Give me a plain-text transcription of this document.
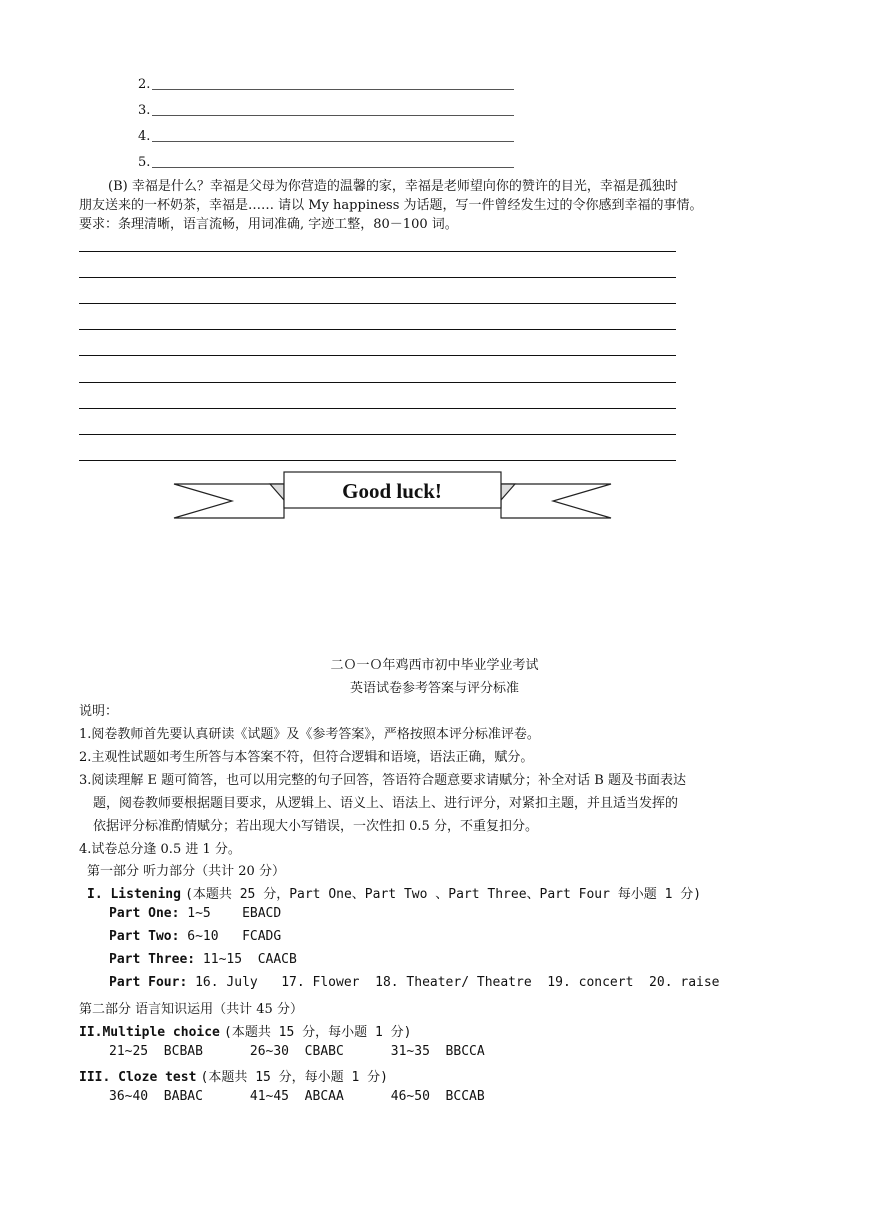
2.
3.
4.
5.
(B) 幸福是什么？幸福是父母为你营造的温馨的家，幸福是老师望向你的赞许的目光，幸福是孤独时
朋友送来的一杯奶茶，幸福是…… 请以 My happiness 为话题，写一件曾经发生过的令你感到幸福的事情。
要求：条理清晰，语言流畅，用词准确, 字迹工整，80－100 词。
Good luck!
二Ｏ一Ｏ年鸡西市初中毕业学业考试
英语试卷参考答案与评分标准
说明：
1.阅卷教师首先要认真研读《试题》及《参考答案》，严格按照本评分标准评卷。
2.主观性试题如考生所答与本答案不符，但符合逻辑和语境，语法正确，赋分。
3.阅读理解 E 题可简答，也可以用完整的句子回答，答语符合题意要求请赋分；补全对话 B 题及书面表达
题，阅卷教师要根据题目要求，从逻辑上、语义上、语法上、进行评分，对紧扣主题，并且适当发挥的
依据评分标准酌情赋分；若出现大小写错误，一次性扣 0.5 分，不重复扣分。
4.试卷总分逢 0.5 进 1 分。
第一部分 听力部分（共计 20 分）
I. Listening (本题共 25 分，Part One、Part Two 、Part Three、Part Four 每小题 1 分)
Part One: 1~5    EBACD
Part Two: 6~10   FCADG
Part Three: 11~15  CAACB
Part Four: 16. July   17. Flower  18. Theater/ Theatre  19. concert  20. raise
第二部分 语言知识运用（共计 45 分）
II.Multiple choice (本题共 15 分，每小题 1 分)
21~25  BCBAB      26~30  CBABC      31~35  BBCCA
III. Cloze test (本题共 15 分，每小题 1 分)
36~40  BABAC      41~45  ABCAA      46~50  BCCAB
